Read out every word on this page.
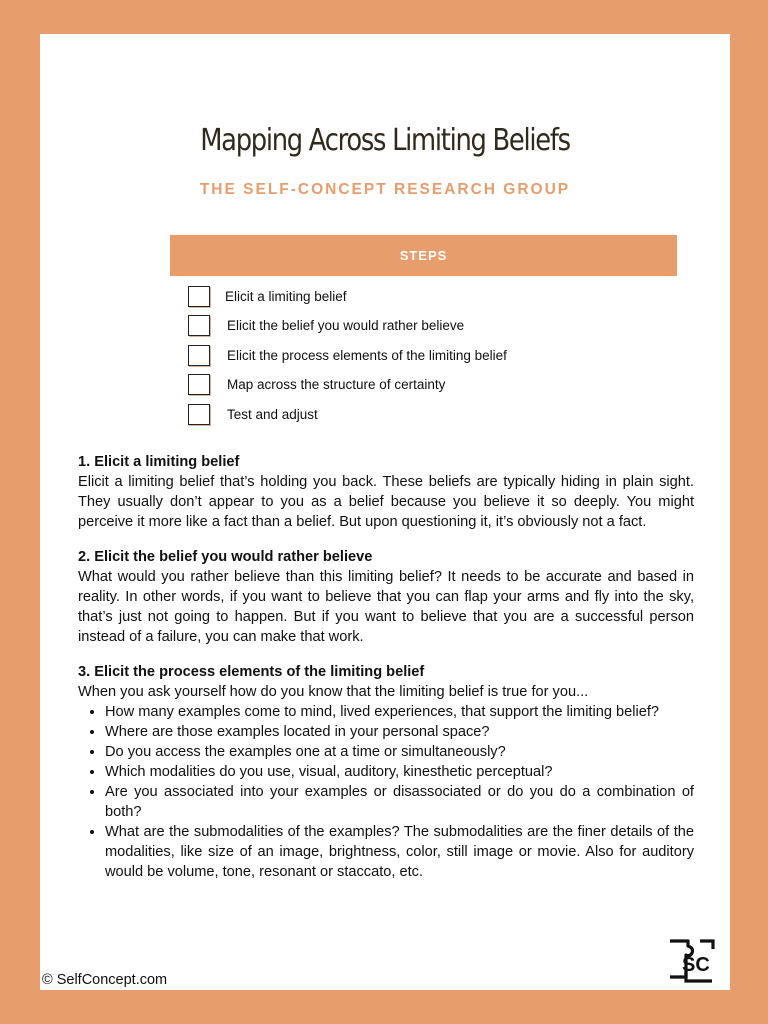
Mapping Across Limiting Beliefs
THE SELF-CONCEPT RESEARCH GROUP
STEPS
Elicit a limiting belief
Elicit the belief you would rather believe
Elicit the process elements of the limiting belief
Map across the structure of certainty
Test and adjust
1. Elicit a limiting belief

Elicit a limiting belief that’s holding you back. These beliefs are typically hiding in plain sight. They usually don’t appear to you as a belief because you believe it so deeply. You might perceive it more like a fact than a belief. But upon questioning it, it’s obviously not a fact.

2. Elicit the belief you would rather believe

What would you rather believe than this limiting belief? It needs to be accurate and based in reality. In other words, if you want to believe that you can flap your arms and fly into the sky, that’s just not going to happen. But if you want to believe that you are a successful person instead of a failure, you can make that work.

3. Elicit the process elements of the limiting belief

When you ask yourself how do you know that the limiting belief is true for you...

• How many examples come to mind, lived experiences, that support the limiting belief?
• Where are those examples located in your personal space?
• Do you access the examples one at a time or simultaneously?
• Which modalities do you use, visual, auditory, kinesthetic perceptual?
• Are you associated into your examples or disassociated or do you do a combination of both?
• What are the submodalities of the examples? The submodalities are the finer details of the modalities, like size of an image, brightness, color, still image or movie. Also for auditory would be volume, tone, resonant or staccato, etc.
© SelfConcept.com
SC
